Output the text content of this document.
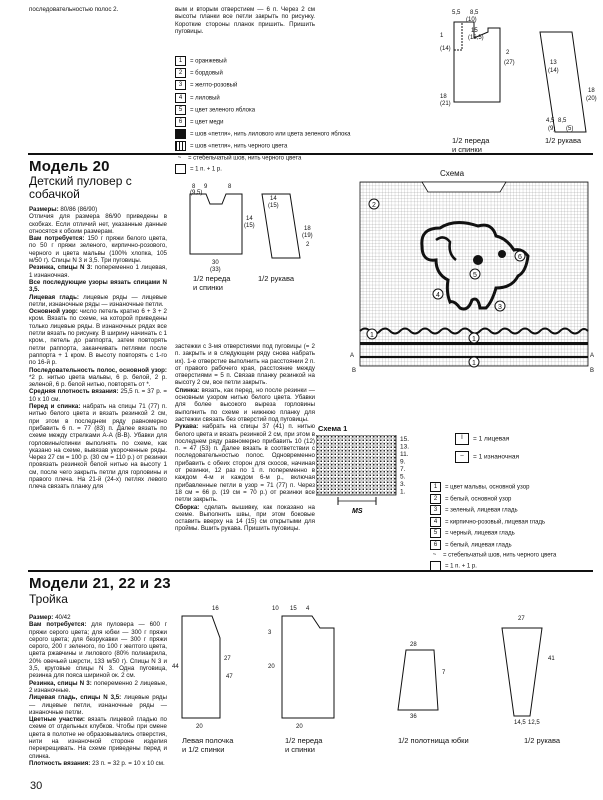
последовательностью полос 2.	вым и вторым отверстием — 6 п. Через 2 см высоты планки все петли закрыть по рисунку. Короткие стороны планок пришить. Пришить пуговицы.

1 = оранжевый
2 = бордовый
3 = желто-розовый
4 = лиловый
5 = цвет зеленого яблока
6 = цвет меди
= шов «петля», нить лилового или цвета зеленого яблока
= шов «петля», нить черного цвета
~ = стебельчатый шов, нить черного цвета
= 1 п. + 1 р.
5,5 8,5
(10)
15
(16,5)
1
(14)
2
(27)
18
(21)
13
(14)
18
(20)
4,5 8,5
(9) (5)
1/2 переда
и спинки
1/2 рукава
Модель 20
Детский пуловер с
собачкой

Размеры: 80/86 (86/90)

Отличия для размера 86/90 приведены в скобках. Если отличий нет, указанные данные относятся к обоим размерам.

Вам потребуется: 150 г пряжи белого цвета, по 50 г пряжи зеленого, кирпично-розового, черного и цвета мальвы (100% хлопка, 105 м/50 г). Спицы N 3 и 3,5. Три пуговицы.

Резинка, спицы N 3: попеременно 1 лицевая, 1 изнаночная.

Все последующие узоры вязать спицами N 3,5.

Лицевая гладь: лицевые ряды — лицевые петли, изнаночные ряды — изнаночные петли.

Основной узор: число петель кратно 6 + 3 + 2 кром. Вязать по схеме, на которой приведены только лицевые ряды. В изнаночных рядах все петли вязать по рисунку. В ширину начинать с 1 кром., петель до раппорта, затем повторять петли раппорта, заканчивать петлями после раппорта + 1 кром. В высоту повторять с 1-го по 16-й р.

Последовательность полос, основной узор: *2 р. нитью цвета мальвы, 6 р. белой, 2 р. зеленой, 6 р. белой нитью, повторять от *.

Средняя плотность вязания: 25,5 п. = 37 р. = 10 х 10 см.

Перед и спинка: набрать на спицы 71 (77) п. нитью белого цвета и вязать резинкой 2 см, при этом в последнем ряду равномерно прибавить 6 п. = 77 (83) п. Далее вязать по схеме между стрелками А-А (В-В). Убавки для горловины/спинки выполнять по схеме, как указано на схеме, вывязав укороченные ряды. Через 27 см = 100 р. (30 см = 110 р.) от резинки провязать резинкой белой нитью на высоту 1 см, после чего закрыть петли для горловины и правого плеча. На 21-й (24-х) петлях левого плеча связать планку для

застежки с 3-мя отверстиями под пуговицы (= 2 п. закрыть и в следующем ряду снова набрать их). 1-е отверстие выполнить на расстоянии 2 п. от правого рабочего края, расстояние между отверстиями = 5 п. Связав планку резинкой на высоту 2 см, все петли закрыть.

Спинка: вязать, как перед, но после резинки — основным узором нитью белого цвета. Убавки для более высокого выреза горловины выполнить по схеме и нижнюю планку для застежки связать без отверстий под пуговицы.

Рукава: набрать на спицы 37 (41) п. нитью белого цвета и вязать резинкой 2 см, при этом в последнем ряду равномерно прибавить 10 (12) п. = 47 (53) п. Далее вязать в соответствии с последовательностью полос. Одновременно прибавить с обеих сторон для скосов, начиная от резинки, 12 раз по 1 п. попеременно в каждом 4-м и каждом 6-м р., включая прибавленные петли в узор = 71 (77) п. Через 18 см = 66 р. (19 см = 70 р.) от резинки все петли закрыть.

Сборка: сделать вышивку, как показано на схеме. Выполнить швы, при этом боковые оставить вверху на 14 (15) см открытыми для проймы. Вшить рукава. Пришить пуговицы.

8 9
(9,5)
8
30
(33)
14
(15)
14
(15)
18
(19)
2
1/2 переда
и спинки
1/2 рукава
Схема
2
3
4
5
6
1
1
1
A
B
A
B
Схема 1
MS
15.
13.
11.
9.
7.
5.
3.
1.
I = 1 лицевая
– = 1 изнаночная
1 = цвет мальвы, основной узор
2 = белый, основной узор
3 = зеленый, лицевая гладь
4 = кирпично-розовый, лицевая гладь
5 = черный, лицевая гладь
6 = белый, лицевая гладь
~ = стебельчатый шов, нить черного цвета
= 1 п. + 1 р.
Модели 21, 22 и 23
Тройка

Размер: 40/42

Вам потребуется: для пуловера — 600 г пряжи серого цвета; для юбки — 300 г пряжи серого цвета; для безрукавки — 300 г пряжи серого, 200 г зеленого, по 100 г желтого цвета, цвета ржавчины и лилового (80% полиакрила, 20% овечьей шерсти, 133 м/50 г). Спицы N 3 и 3,5, круговые спицы N 3. Одна пуговица, резинка для пояса шириной ок. 2 см.

Резинка, спицы N 3: попеременно 2 лицевые, 2 изнаночные.

Лицевая гладь, спицы N 3,5: лицевые ряды — лицевые петли, изнаночные ряды — изнаночные петли.

Цветные участки: вязать лицевой гладью по схеме от отдельных клубков. Чтобы при смене цвета в полотне не образовывались отверстия, нити на изнаночной стороне изделия перекрещивать. На схеме приведены перед и спинка.

Плотность вязания: 23 п. = 32 р. = 10 х 10 см.

16
44
27
47
20
10 15 4
3
20
20
28
7
36
27
41
14,5 12,5
Левая полочка
и 1/2 спинки
1/2 переда
и спинки
1/2 полотнища юбки	1/2 рукава
30
